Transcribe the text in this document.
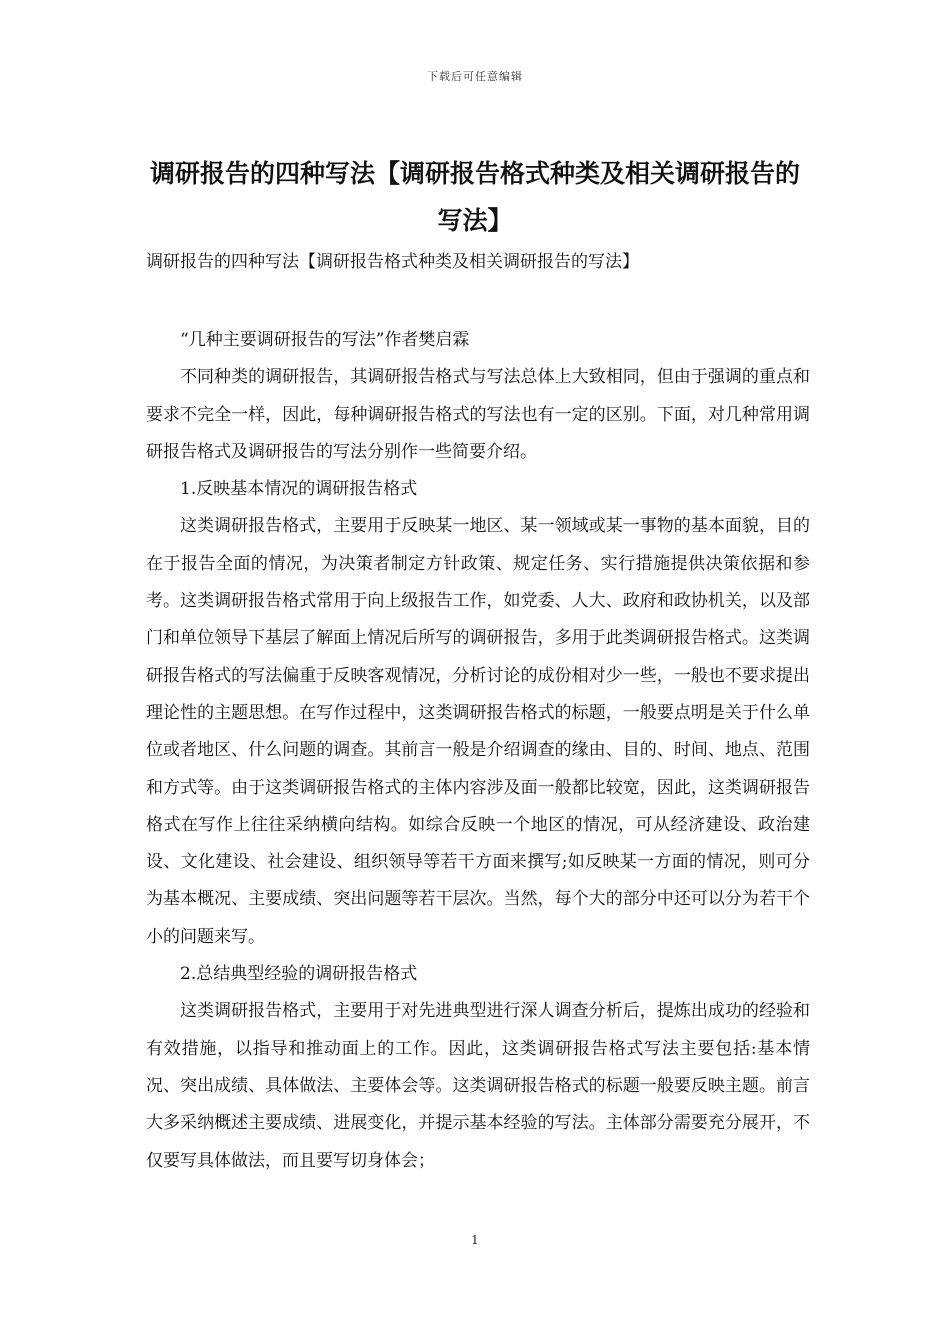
下载后可任意编辑
调研报告的四种写法【调研报告格式种类及相关调研报告的写法】
调研报告的四种写法【调研报告格式种类及相关调研报告的写法】

“几种主要调研报告的写法”作者樊启霖

不同种类的调研报告，其调研报告格式与写法总体上大致相同，但由于强调的重点和要求不完全一样，因此，每种调研报告格式的写法也有一定的区别。下面，对几种常用调研报告格式及调研报告的写法分别作一些简要介绍。

1.反映基本情况的调研报告格式

这类调研报告格式，主要用于反映某一地区、某一领域或某一事物的基本面貌，目的在于报告全面的情况，为决策者制定方针政策、规定任务、实行措施提供决策依据和参考。这类调研报告格式常用于向上级报告工作，如党委、人大、政府和政协机关，以及部门和单位领导下基层了解面上情况后所写的调研报告，多用于此类调研报告格式。这类调研报告格式的写法偏重于反映客观情况，分析讨论的成份相对少一些，一般也不要求提出理论性的主题思想。在写作过程中，这类调研报告格式的标题，一般要点明是关于什么单位或者地区、什么问题的调查。其前言一般是介绍调查的缘由、目的、时间、地点、范围和方式等。由于这类调研报告格式的主体内容涉及面一般都比较宽，因此，这类调研报告格式在写作上往往采纳横向结构。如综合反映一个地区的情况，可从经济建设、政治建设、文化建设、社会建设、组织领导等若干方面来撰写;如反映某一方面的情况，则可分为基本概况、主要成绩、突出问题等若干层次。当然，每个大的部分中还可以分为若干个小的问题来写。

2.总结典型经验的调研报告格式

这类调研报告格式，主要用于对先进典型进行深人调查分析后，提炼出成功的经验和有效措施，以指导和推动面上的工作。因此，这类调研报告格式写法主要包括:基本情况、突出成绩、具体做法、主要体会等。这类调研报告格式的标题一般要反映主题。前言大多采纳概述主要成绩、进展变化，并提示基本经验的写法。主体部分需要充分展开，不仅要写具体做法，而且要写切身体会；

1
